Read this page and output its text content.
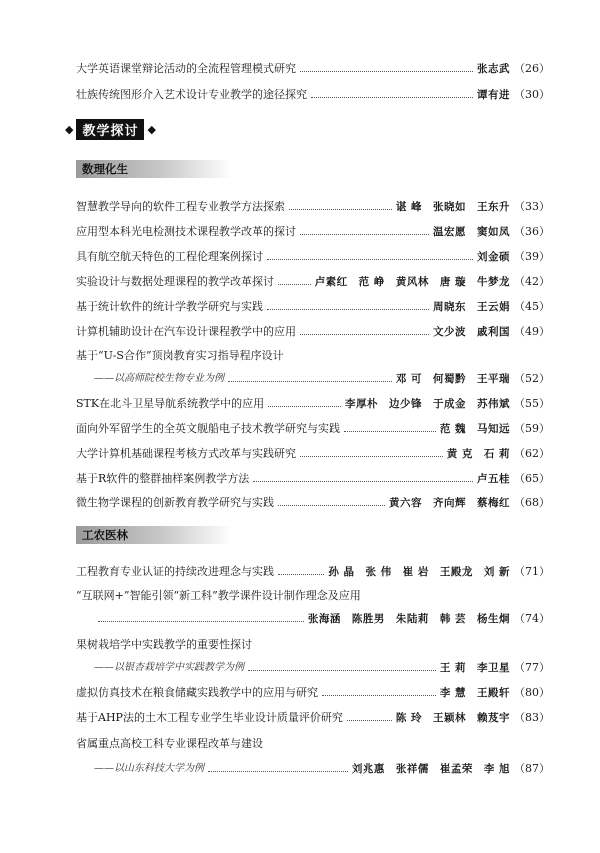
大学英语课堂辩论活动的全流程管理模式研究	张志武 （26）
壮族传统图形介入艺术设计专业教学的途径探究	谭有进 （30）
◆ 教学探讨 ◆
数理化生
智慧教学导向的软件工程专业教学方法探索	谌 峰　张晓如　王东升 （33）
应用型本科光电检测技术课程教学改革的探讨	温宏愿　窦如凤 （36）
具有航空航天特色的工程伦理案例探讨	刘金硕 （39）
实验设计与数据处理课程的教学改革探讨	卢素红　范 峥　黄风林　唐 璇　牛梦龙 （42）
基于统计软件的统计学教学研究与实践	周晓东　王云娟 （45）
计算机辅助设计在汽车设计课程教学中的应用	文少波　戚利国 （49）
基于“U-S合作”顶岗教育实习指导程序设计
——以高师院校生物专业为例	邓 可　何蜀黔　王平瑞 （52）
STK在北斗卫星导航系统教学中的应用	李厚朴　边少锋　于成金　苏伟斌 （55）
面向外军留学生的全英文舰船电子技术教学研究与实践	范 魏　马知远 （59）
大学计算机基础课程考核方式改革与实践研究	黄 克　石 莉 （62）
基于R软件的整群抽样案例教学方法	卢五桂 （65）
微生物学课程的创新教育教学研究与实践	黄六容　齐向辉　蔡梅红 （68）
工农医林
工程教育专业认证的持续改进理念与实践	孙 晶　张 伟　崔 岩　王殿龙　刘 新 （71）
“互联网+”智能引领“新工科”教学课件设计制作理念及应用
张海涵　陈胜男　朱陆莉　韩 芸　杨生炯 （74）
果树栽培学中实践教学的重要性探讨
——以银杏栽培学中实践教学为例	王 莉　李卫星 （77）
虚拟仿真技术在粮食储藏实践教学中的应用与研究	李 慧　王殿轩 （80）
基于AHP法的土木工程专业学生毕业设计质量评价研究	陈 玲　王颖林　赖芨宇 （83）
省属重点高校工科专业课程改革与建设
——以山东科技大学为例	刘兆惠　张祥儒　崔孟荣　李 旭 （87）
